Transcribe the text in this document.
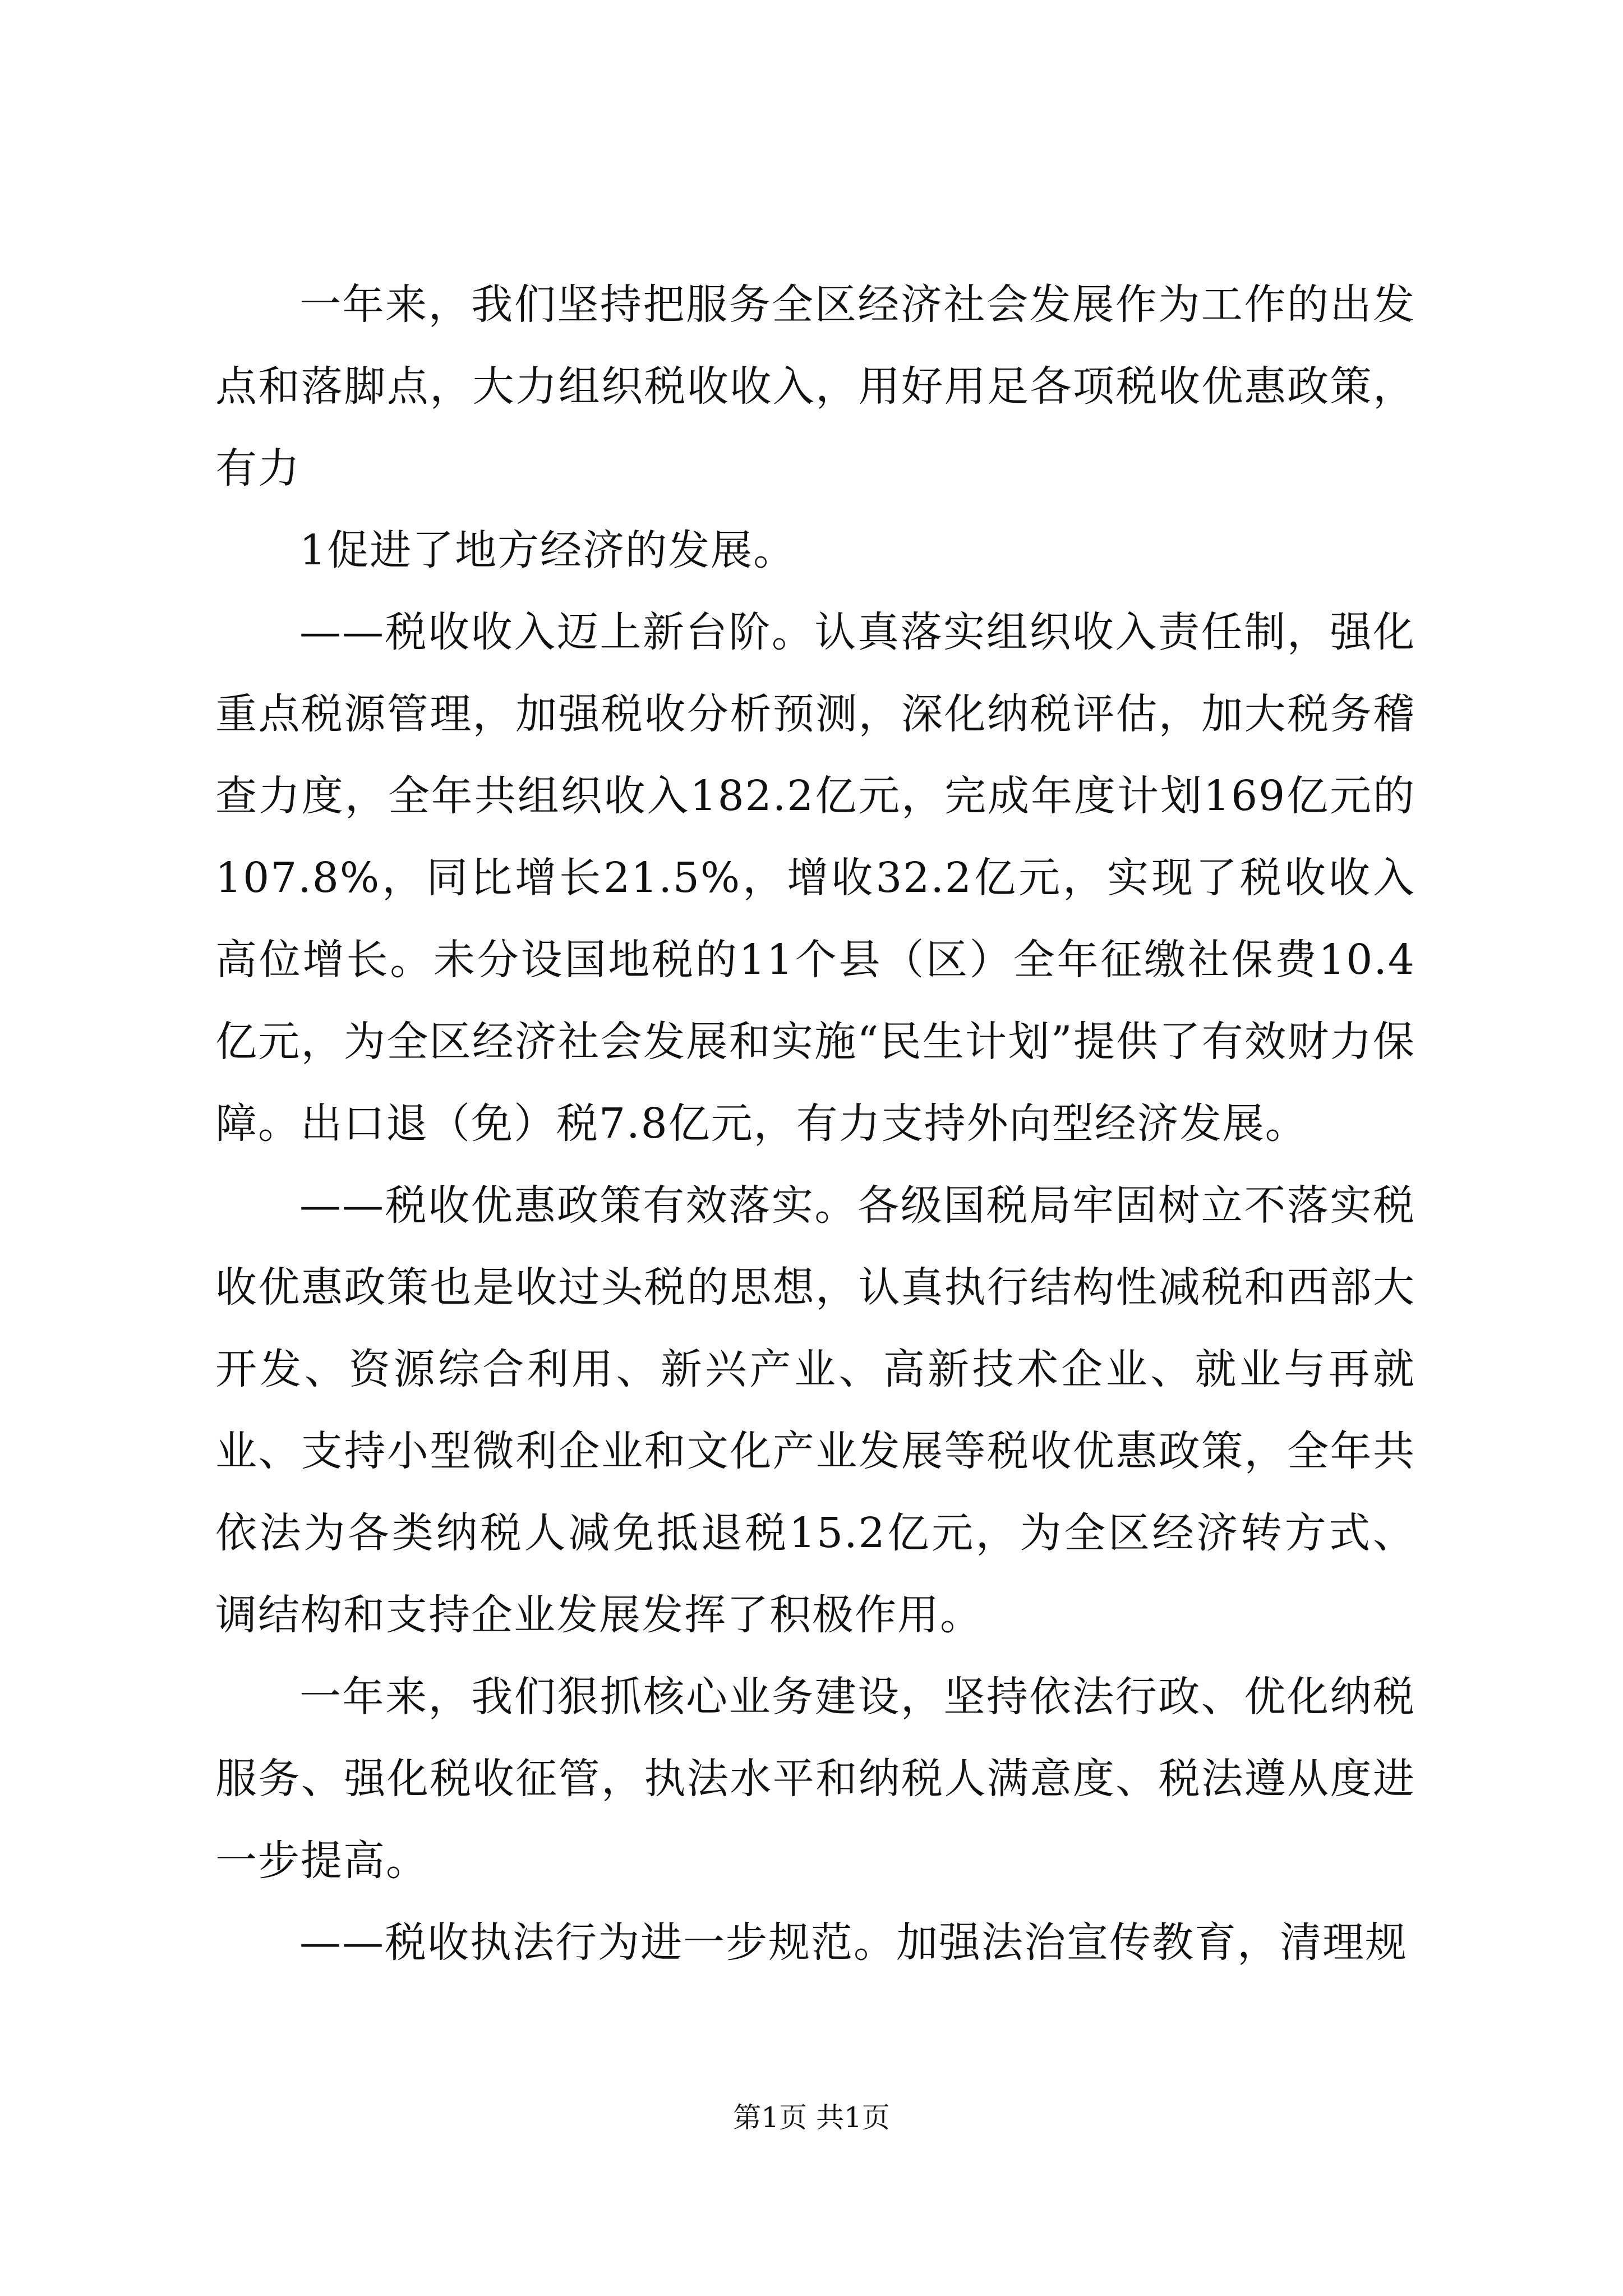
一年来，我们坚持把服务全区经济社会发展作为工作的出发点和落脚点，大力组织税收收入，用好用足各项税收优惠政策，有力

1促进了地方经济的发展。

——税收收入迈上新台阶。认真落实组织收入责任制，强化重点税源管理，加强税收分析预测，深化纳税评估，加大税务稽查力度，全年共组织收入182.2亿元，完成年度计划169亿元的107.8%，同比增长21.5%，增收32.2亿元，实现了税收收入高位增长。未分设国地税的11个县（区）全年征缴社保费10.4亿元，为全区经济社会发展和实施“民生计划”提供了有效财力保障。出口退（免）税7.8亿元，有力支持外向型经济发展。

——税收优惠政策有效落实。各级国税局牢固树立不落实税收优惠政策也是收过头税的思想，认真执行结构性减税和西部大开发、资源综合利用、新兴产业、高新技术企业、就业与再就业、支持小型微利企业和文化产业发展等税收优惠政策，全年共依法为各类纳税人减免抵退税15.2亿元，为全区经济转方式、调结构和支持企业发展发挥了积极作用。

一年来，我们狠抓核心业务建设，坚持依法行政、优化纳税服务、强化税收征管，执法水平和纳税人满意度、税法遵从度进一步提高。

——税收执法行为进一步规范。加强法治宣传教育，清理规

第1页 共1页
